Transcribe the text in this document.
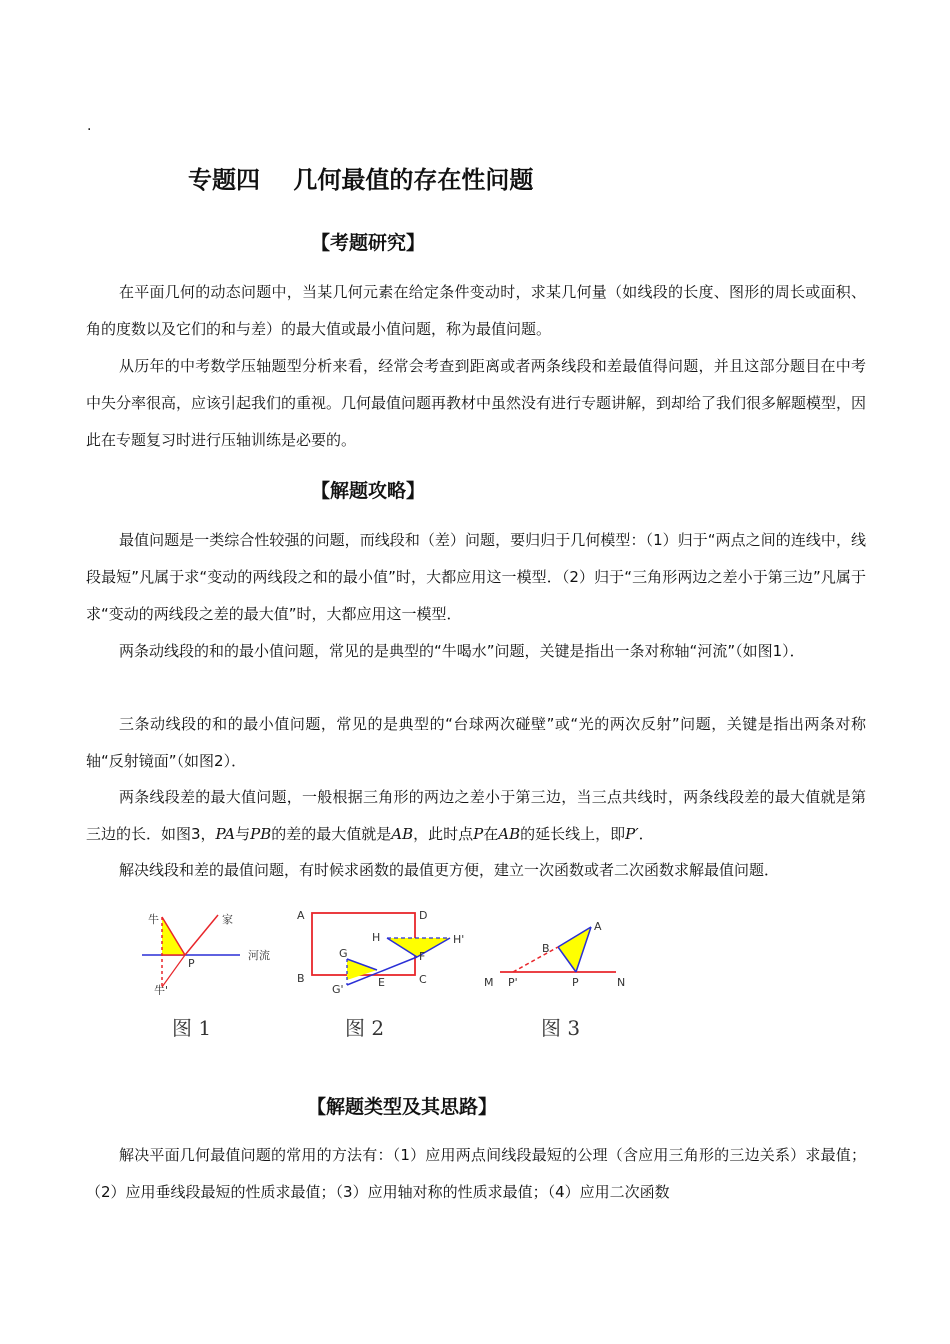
.
专题四    几何最值的存在性问题
【考题研究】

在平面几何的动态问题中，当某几何元素在给定条件变动时，求某几何量（如线段的长度、图形的周长或面积、角的度数以及它们的和与差）的最大值或最小值问题，称为最值问题。

从历年的中考数学压轴题型分析来看，经常会考查到距离或者两条线段和差最值得问题，并且这部分题目在中考中失分率很高，应该引起我们的重视。几何最值问题再教材中虽然没有进行专题讲解，到却给了我们很多解题模型，因此在专题复习时进行压轴训练是必要的。

【解题攻略】

最值问题是一类综合性较强的问题，而线段和（差）问题，要归归于几何模型：（1）归于“两点之间的连线中，线段最短”凡属于求“变动的两线段之和的最小值”时，大都应用这一模型．（2）归于“三角形两边之差小于第三边”凡属于求“变动的两线段之差的最大值”时，大都应用这一模型．

两条动线段的和的最小值问题，常见的是典型的“牛喝水”问题，关键是指出一条对称轴“河流”（如图1）．

三条动线段的和的最小值问题，常见的是典型的“台球两次碰壁”或“光的两次反射”问题，关键是指出两条对称轴“反射镜面”（如图2）．

两条线段差的最大值问题，一般根据三角形的两边之差小于第三边，当三点共线时，两条线段差的最大值就是第三边的长．如图3，PA与PB的差的最大值就是AB，此时点P在AB的延长线上，即P′．

解决线段和差的最值问题，有时候求函数的最值更方便，建立一次函数或者二次函数求解最值问题．

牛	家
河流
P
牛'
图 1
A	D
H	H'
G	F
B
G'
E	C
图 2
A
B
M P'	P	N
图 3
【解题类型及其思路】

解决平面几何最值问题的常用的方法有：（1）应用两点间线段最短的公理（含应用三角形的三边关系）求最值；（2）应用垂线段最短的性质求最值；（3）应用轴对称的性质求最值；（4）应用二次函数
